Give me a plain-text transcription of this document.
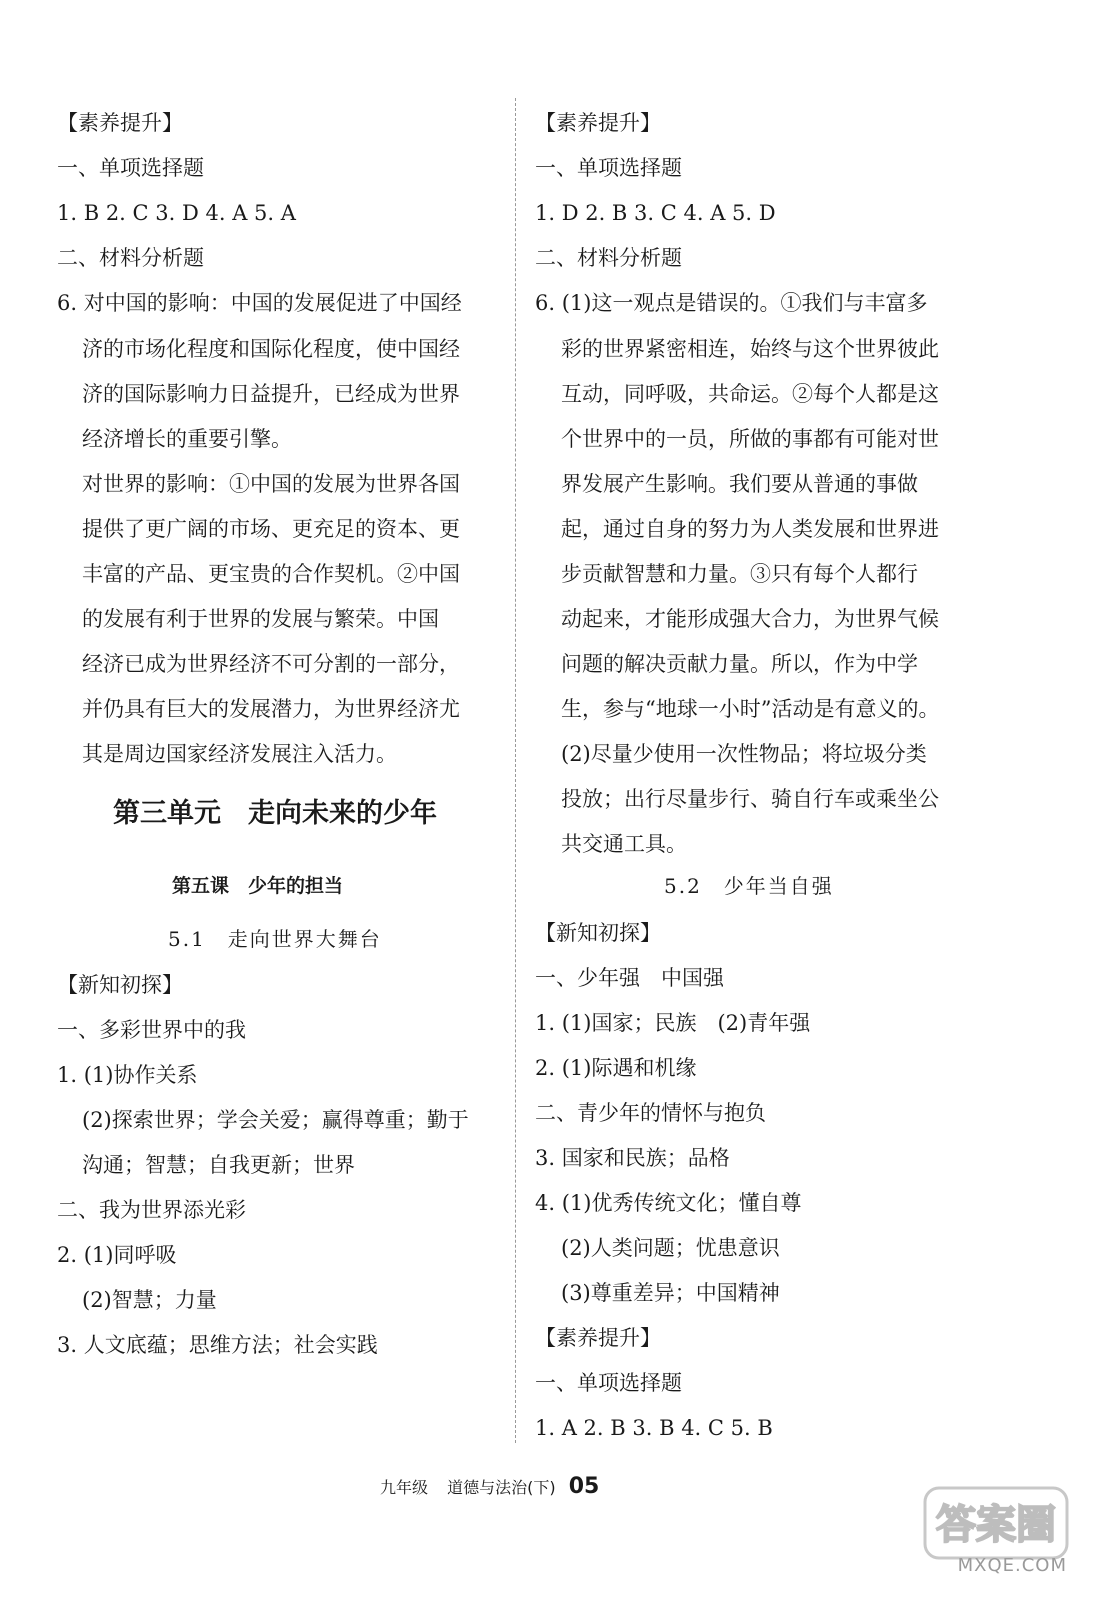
【素养提升】
一、单项选择题
1. B 2. C 3. D 4. A 5. A
二、材料分析题
6. 对中国的影响：中国的发展促进了中国经
济的市场化程度和国际化程度，使中国经
济的国际影响力日益提升，已经成为世界
经济增长的重要引擎。
对世界的影响：①中国的发展为世界各国
提供了更广阔的市场、更充足的资本、更
丰富的产品、更宝贵的合作契机。②中国
的发展有利于世界的发展与繁荣。中国
经济已成为世界经济不可分割的一部分，
并仍具有巨大的发展潜力，为世界经济尤
其是周边国家经济发展注入活力。
【新知初探】
一、多彩世界中的我
1. (1)协作关系
(2)探索世界；学会关爱；赢得尊重；勤于
沟通；智慧；自我更新；世界
二、我为世界添光彩
2. (1)同呼吸
(2)智慧；力量
3. 人文底蕴；思维方法；社会实践
【素养提升】
一、单项选择题
1. D 2. B 3. C 4. A 5. D
二、材料分析题
6. (1)这一观点是错误的。①我们与丰富多
彩的世界紧密相连，始终与这个世界彼此
互动，同呼吸，共命运。②每个人都是这
个世界中的一员，所做的事都有可能对世
界发展产生影响。我们要从普通的事做
起，通过自身的努力为人类发展和世界进
步贡献智慧和力量。③只有每个人都行
动起来，才能形成强大合力，为世界气候
问题的解决贡献力量。所以，作为中学
生，参与“地球一小时”活动是有意义的。
(2)尽量少使用一次性物品；将垃圾分类
投放；出行尽量步行、骑自行车或乘坐公
共交通工具。
【新知初探】
一、少年强　中国强
1. (1)国家；民族　(2)青年强
2. (1)际遇和机缘
二、青少年的情怀与抱负
3. 国家和民族；品格
4. (1)优秀传统文化；懂自尊
(2)人类问题；忧患意识
(3)尊重差异；中国精神
【素养提升】
一、单项选择题
1. A 2. B 3. B 4. C 5. B
第三单元　走向未来的少年
第五课　少年的担当
5.1　走向世界大舞台
5.2　少年当自强
九年级 道德与法治(下) 05
答案圈
MXQE.COM
